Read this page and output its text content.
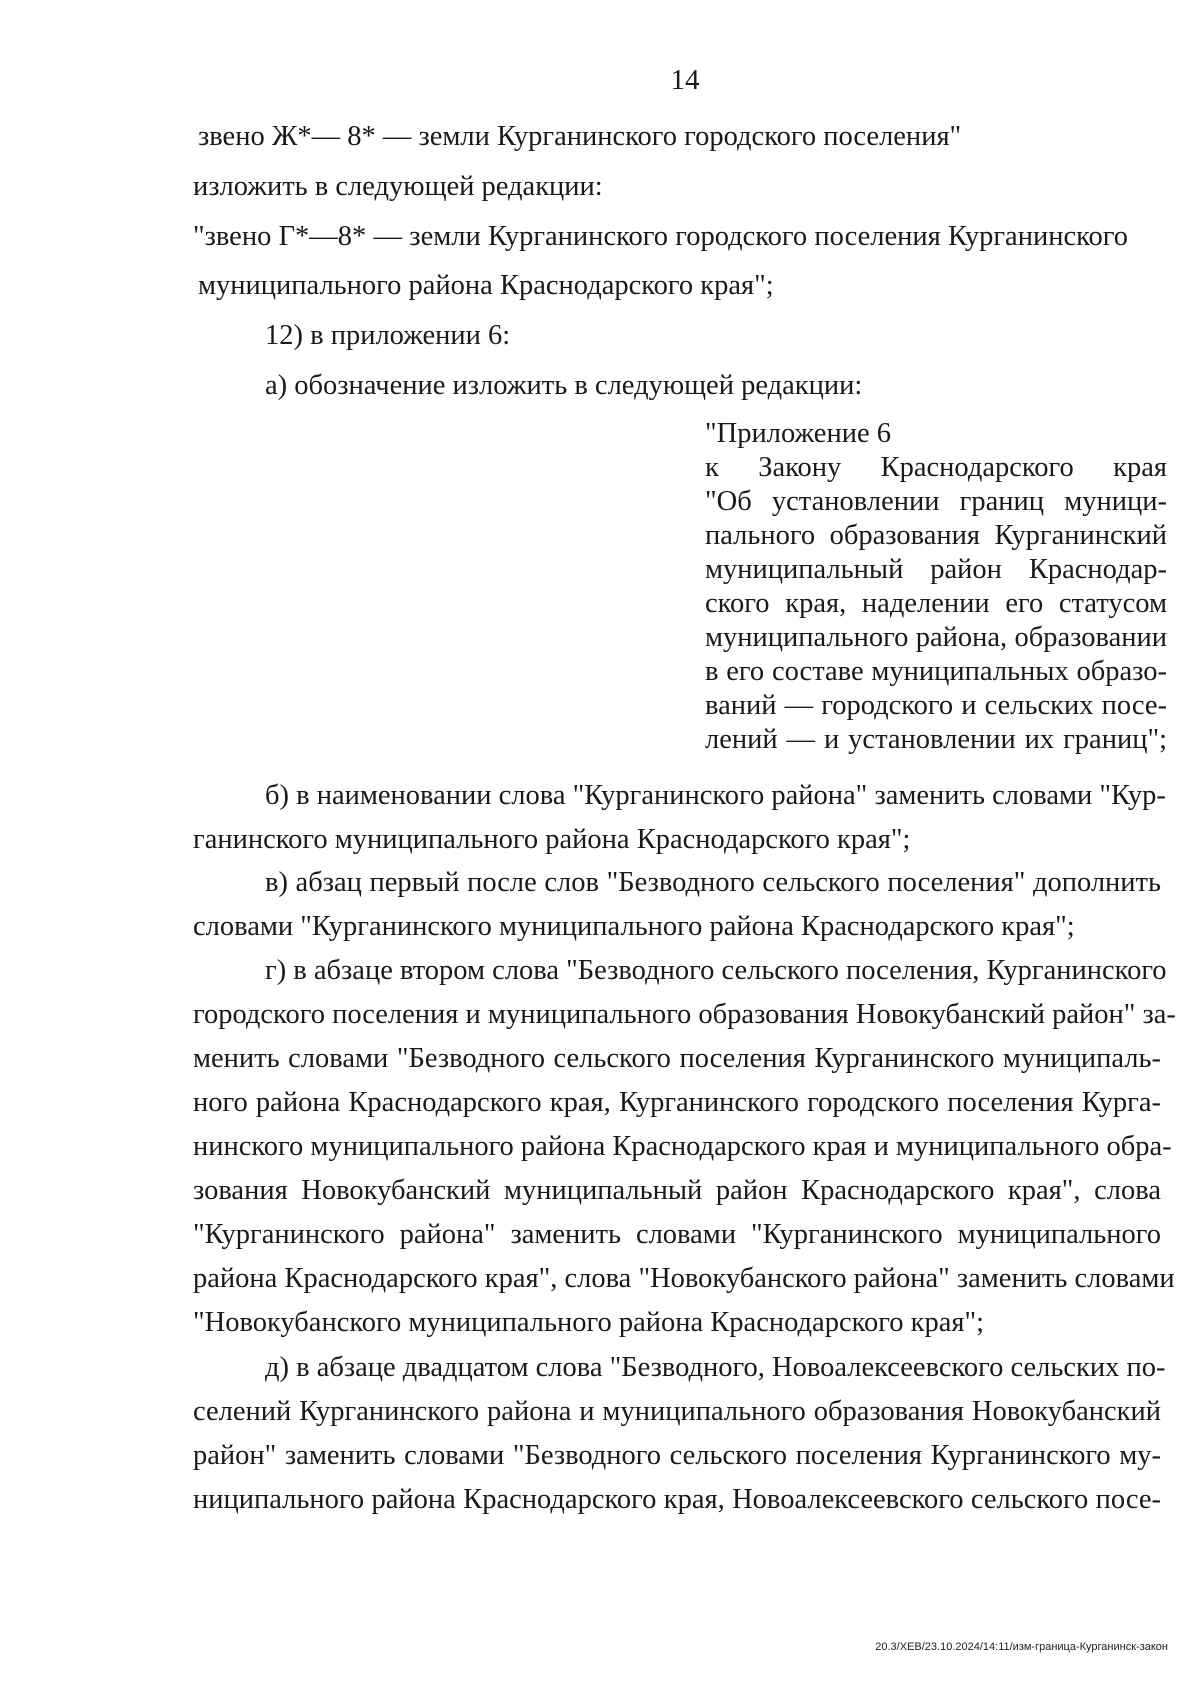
14
звено Ж*— 8* — земли Курганинского городского поселения"
изложить в следующей редакции:
"звено Г*—8* — земли Курганинского городского поселения Курганинского
муниципального района Краснодарского края";
12) в приложении 6:
а) обозначение изложить в следующей редакции:
"Приложение 6
к Закону Краснодарского края
"Об установлении границ муници-
пального образования Курганинский
муниципальный район Краснодар-
ского края, наделении его статусом
муниципального района, образовании
в его составе муниципальных образо-
ваний — городского и сельских посе-
лений — и установлении их границ";
б) в наименовании слова "Курганинского района" заменить словами "Кур-
ганинского муниципального района Краснодарского края";
в) абзац первый после слов "Безводного сельского поселения" дополнить
словами "Курганинского муниципального района Краснодарского края";
г) в абзаце втором слова "Безводного сельского поселения, Курганинского
городского поселения и муниципального образования Новокубанский район" за-
менить словами "Безводного сельского поселения Курганинского муниципаль-
ного района Краснодарского края, Курганинского городского поселения Курга-
нинского муниципального района Краснодарского края и муниципального обра-
зования Новокубанский муниципальный район Краснодарского края", слова
"Курганинского района" заменить словами "Курганинского муниципального
района Краснодарского края", слова "Новокубанского района" заменить словами
"Новокубанского муниципального района Краснодарского края";
д) в абзаце двадцатом слова "Безводного, Новоалексеевского сельских по-
селений Курганинского района и муниципального образования Новокубанский
район" заменить словами "Безводного сельского поселения Курганинского му-
ниципального района Краснодарского края, Новоалексеевского сельского посе-
20.3/ХЕВ/23.10.2024/14:11/изм-граница-Курганинск-закон
